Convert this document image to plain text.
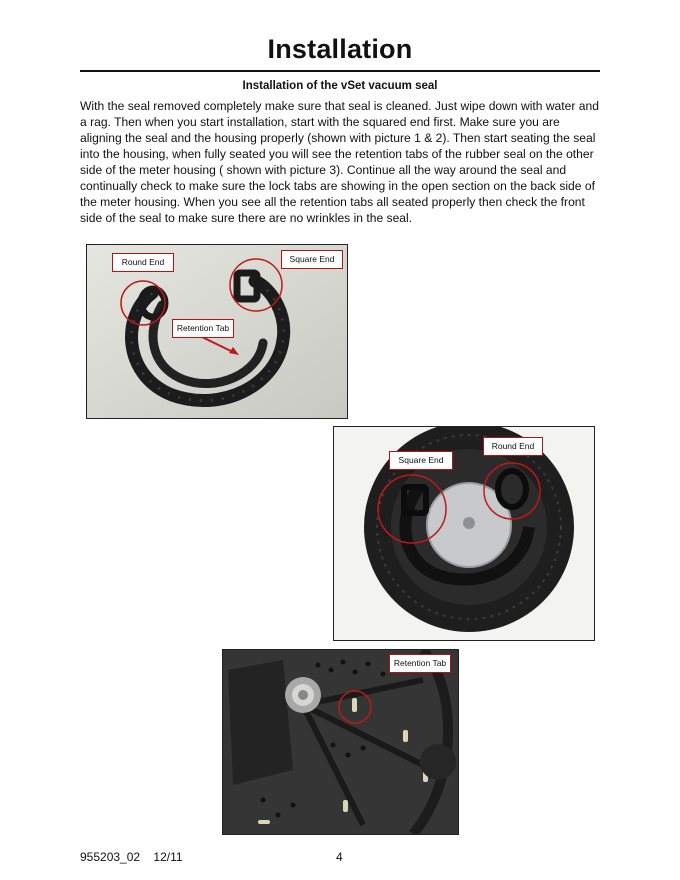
Installation
Installation of the vSet vacuum seal
With the seal removed completely make sure that seal is cleaned. Just wipe down with water and a rag. Then when you start installation, start with the squared end first. Make sure you are aligning the seal and the housing properly (shown with picture 1 & 2). Then start seating the seal into the housing, when fully seated you will see the retention tabs of the rubber seal on the other side of the meter housing ( shown with picture 3). Continue all the way around the seal and continually check to make sure the lock tabs are showing in the open section on the back side of the meter housing. When you see all the retention tabs all seated properly then check the front side of the seal to make sure there are no wrinkles in the seal.
Round End	Square End
Retention Tab
Round End
Square End
Retention Tab
955203_02 12/11	4
